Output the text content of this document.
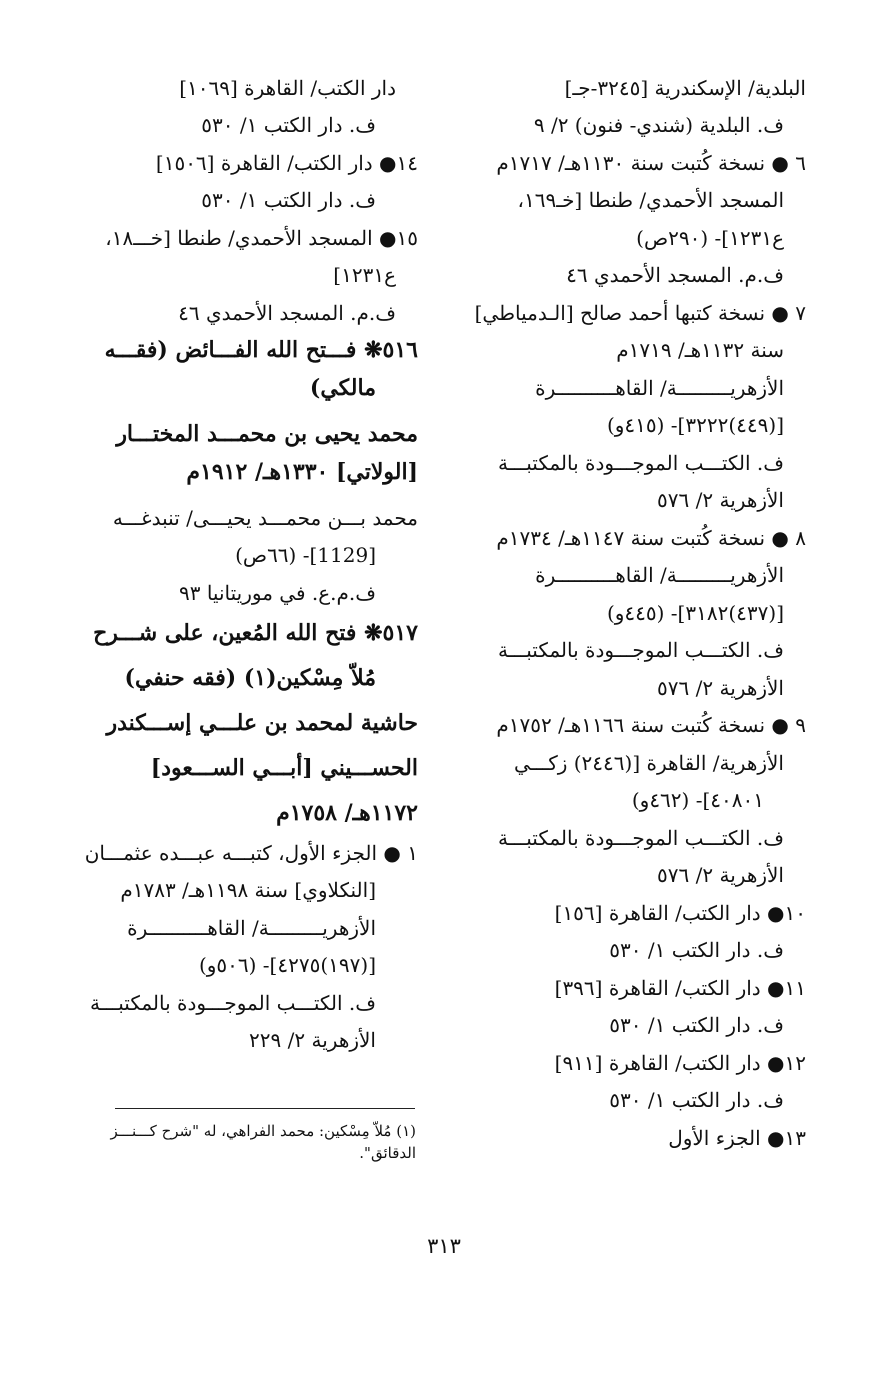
البلدية/ الإسكندرية [٣٢٤٥-جـ]
ف. البلدية (شندي- فنون) ٢/ ٩
٦ ● نسخة كُتبت سنة ١١٣٠هـ/ ١٧١٧م
المسجد الأحمدي/ طنطا [خـ١٦٩،
ع١٢٣١]- (٢٩٠ص)
ف.م. المسجد الأحمدي ٤٦
٧ ● نسخة كتبها أحمد صالح [الـدمياطي]
سنة ١١٣٢هـ/ ١٧١٩م
الأزهريـــــــــة/ القاهــــــــــرة
[(٤٤٩)٣٢٢٢]- (٤١٥و)
ف. الكتـــب الموجـــودة بالمكتبـــة
الأزهرية ٢/ ٥٧٦
٨ ● نسخة كُتبت سنة ١١٤٧هـ/ ١٧٣٤م
الأزهريـــــــــة/ القاهــــــــــرة
[(٤٣٧)٣١٨٢]- (٤٤٥و)
ف. الكتـــب الموجـــودة بالمكتبـــة
الأزهرية ٢/ ٥٧٦
٩ ● نسخة كُتبت سنة ١١٦٦هـ/ ١٧٥٢م
الأزهرية/ القاهرة [(٢٤٤٦) زكـــي
٤٠٨٠١]- (٤٦٢و)
ف. الكتـــب الموجـــودة بالمكتبـــة
الأزهرية ٢/ ٥٧٦
١٠● دار الكتب/ القاهرة [١٥٦]
ف. دار الكتب ١/ ٥٣٠
١١● دار الكتب/ القاهرة [٣٩٦]
ف. دار الكتب ١/ ٥٣٠
١٢● دار الكتب/ القاهرة [٩١١]
ف. دار الكتب ١/ ٥٣٠
١٣● الجزء الأول
دار الكتب/ القاهرة [١٠٦٩]
ف. دار الكتب ١/ ٥٣٠
١٤● دار الكتب/ القاهرة [١٥٠٦]
ف. دار الكتب ١/ ٥٣٠
١٥● المسجد الأحمدي/ طنطا [خـــ١٨،
ع١٢٣١]
ف.م. المسجد الأحمدي ٤٦
٥١٦❋ فـــتح الله الفـــائض (فقـــه
مالكي)
محمد يحيى بن محمـــد المختـــار
[الولاتي] ١٣٣٠هـ/ ١٩١٢م
محمد بـــن محمـــد يحيـــى/ تنبدغـــه
[1129]- (٦٦ص)
ف.م.ع. في موريتانيا ٩٣
٥١٧❋ فتح الله المُعين، على شـــرح
مُلاّ مِسْكين(١) (فقه حنفي)
حاشية لمحمد بن علـــي إســـكندر
الحســـيني [أبـــي الســـعود]
١١٧٢هـ/ ١٧٥٨م
١ ● الجزء الأول، كتبـــه عبـــده عثمـــان
[النكلاوي] سنة ١١٩٨هـ/ ١٧٨٣م
الأزهريـــــــــة/ القاهــــــــــرة
[(١٩٧)٤٢٧٥]- (٥٠٦و)
ف. الكتـــب الموجـــودة بالمكتبـــة
الأزهرية ٢/ ٢٢٩
(١) مُلاّ مِسْكين: محمد الفراهي، له "شرح كـــنـــز
الدقائق".
٣١٣
